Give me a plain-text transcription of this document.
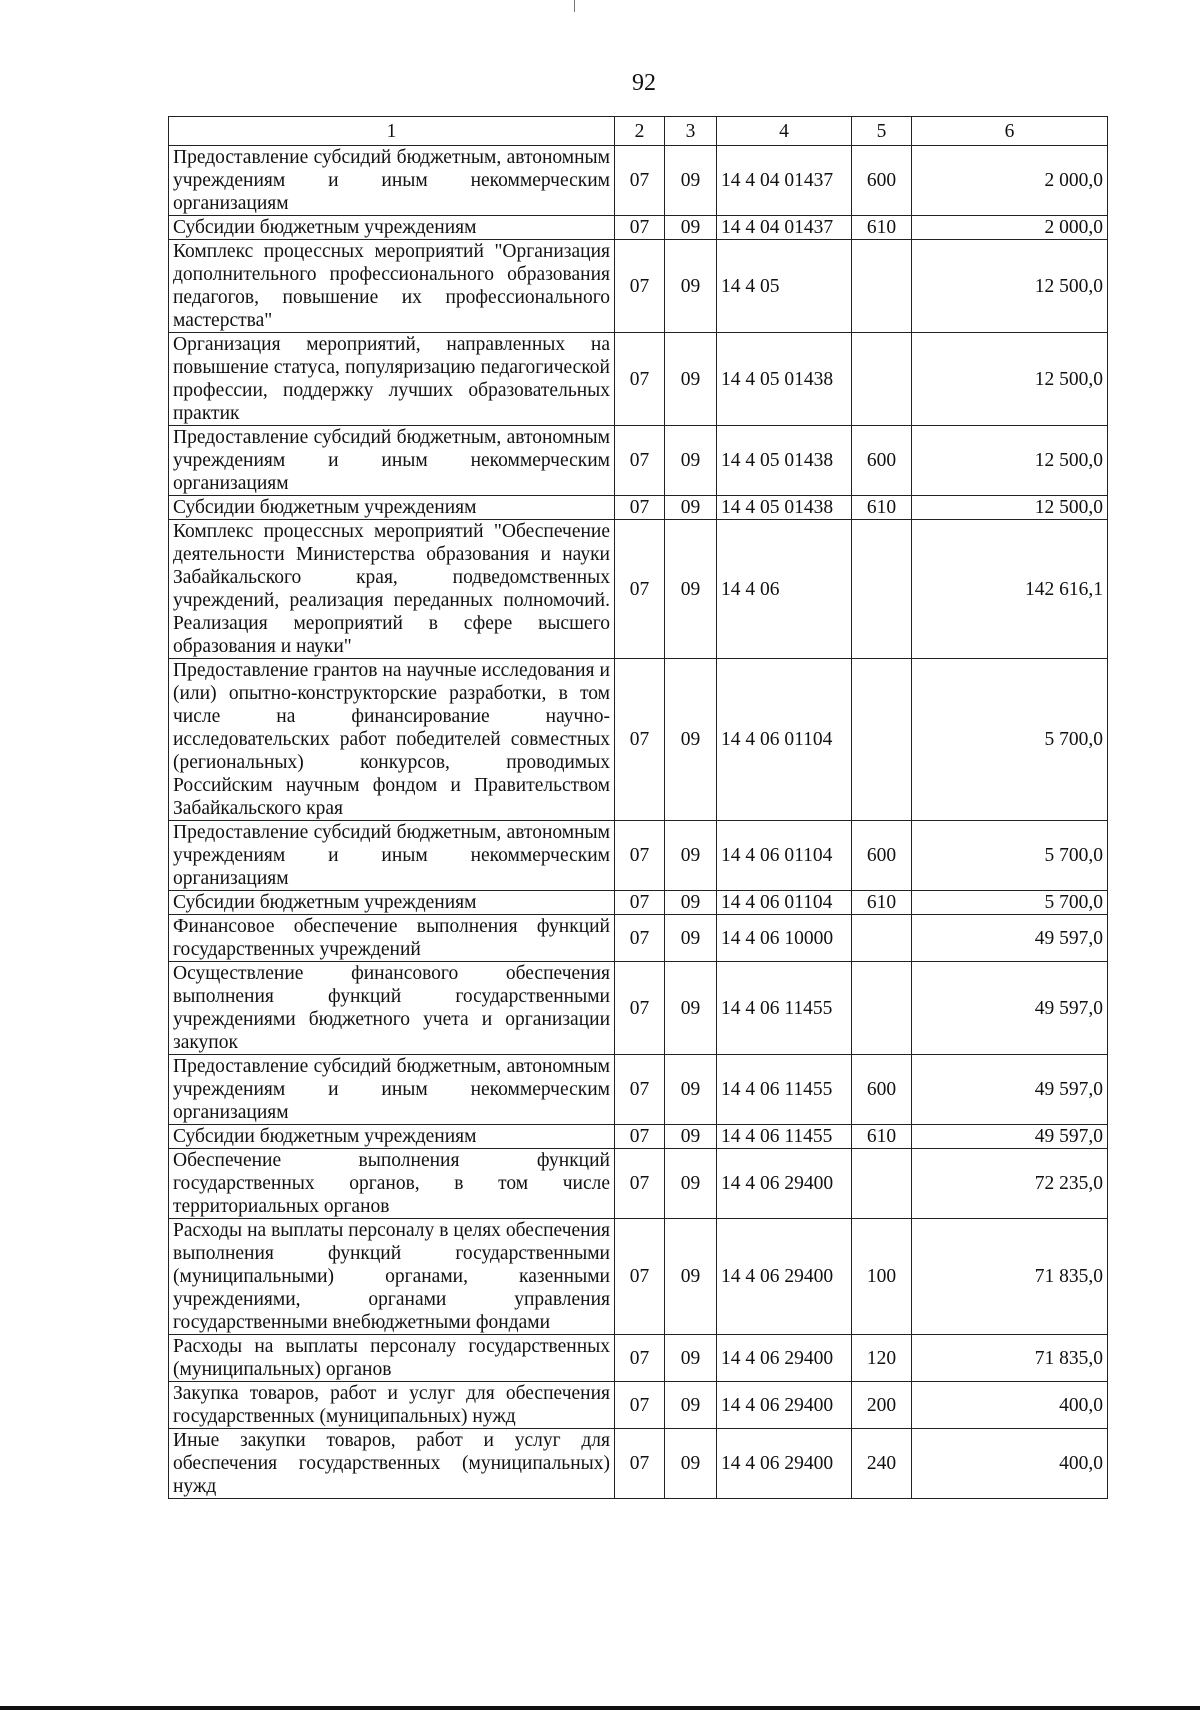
92
1	2	3	4	5	6
Предоставление субсидий бюджетным, автономным учреждениям и иным некоммерческим организациям	07	09	14 4 04 01437	600	2 000,0
Субсидии бюджетным учреждениям	07	09	14 4 04 01437	610	2 000,0
Комплекс процессных мероприятий "Организация дополнительного профессионального образования педагогов, повышение их профессионального мастерства"	07	09	14 4 05		12 500,0
Организация мероприятий, направленных на повышение статуса, популяризацию педагогической профессии, поддержку лучших образовательных практик	07	09	14 4 05 01438		12 500,0
Предоставление субсидий бюджетным, автономным учреждениям и иным некоммерческим организациям	07	09	14 4 05 01438	600	12 500,0
Субсидии бюджетным учреждениям	07	09	14 4 05 01438	610	12 500,0
Комплекс процессных мероприятий "Обеспечение деятельности Министерства образования и науки Забайкальского края, подведомственных учреждений, реализация переданных полномочий. Реализация мероприятий в сфере высшего образования и науки"	07	09	14 4 06		142 616,1
Предоставление грантов на научные исследования и (или) опытно-конструкторские разработки, в том числе на финансирование научно-исследовательских работ победителей совместных (региональных) конкурсов, проводимых Российским научным фондом и Правительством Забайкальского края	07	09	14 4 06 01104		5 700,0
Предоставление субсидий бюджетным, автономным учреждениям и иным некоммерческим организациям	07	09	14 4 06 01104	600	5 700,0
Субсидии бюджетным учреждениям	07	09	14 4 06 01104	610	5 700,0
Финансовое обеспечение выполнения функций государственных учреждений	07	09	14 4 06 10000		49 597,0
Осуществление финансового обеспечения выполнения функций государственными учреждениями бюджетного учета и организации закупок	07	09	14 4 06 11455		49 597,0
Предоставление субсидий бюджетным, автономным учреждениям и иным некоммерческим организациям	07	09	14 4 06 11455	600	49 597,0
Субсидии бюджетным учреждениям	07	09	14 4 06 11455	610	49 597,0
Обеспечение выполнения функций государственных органов, в том числе территориальных органов	07	09	14 4 06 29400		72 235,0
Расходы на выплаты персоналу в целях обеспечения выполнения функций государственными (муниципальными) органами, казенными учреждениями, органами управления государственными внебюджетными фондами	07	09	14 4 06 29400	100	71 835,0
Расходы на выплаты персоналу государственных (муниципальных) органов	07	09	14 4 06 29400	120	71 835,0
Закупка товаров, работ и услуг для обеспечения государственных (муниципальных) нужд	07	09	14 4 06 29400	200	400,0
Иные закупки товаров, работ и услуг для обеспечения государственных (муниципальных) нужд	07	09	14 4 06 29400	240	400,0
